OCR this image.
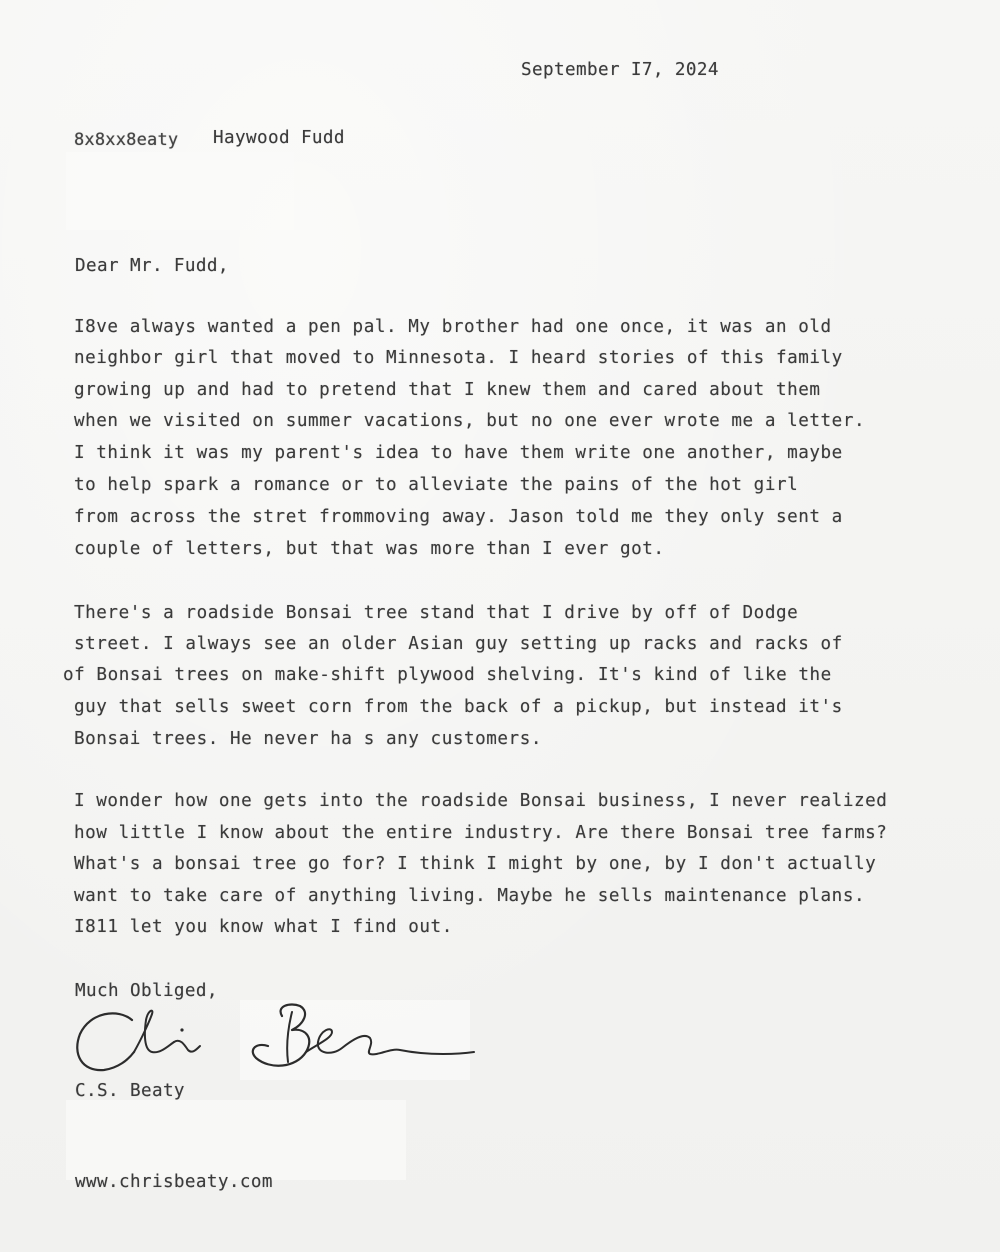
September I7, 2024
8x8xx8eaty Haywood Fudd
Dear Mr. Fudd,
I8ve always wanted a pen pal. My brother had one once, it was an old
neighbor girl that moved to Minnesota. I heard stories of this family
growing up and had to pretend that I knew them and cared about them
when we visited on summer vacations, but no one ever wrote me a letter.
I think it was my parent's idea to have them write one another, maybe
to help spark a romance or to alleviate the pains of the hot girl
from across the stret frommoving away. Jason told me they only sent a
couple of letters, but that was more than I ever got.
There's a roadside Bonsai tree stand that I drive by off of Dodge
street. I always see an older Asian guy setting up racks and racks of
of Bonsai trees on make-shift plywood shelving. It's kind of like the
guy that sells sweet corn from the back of a pickup, but instead it's
Bonsai trees. He never ha s any customers.
I wonder how one gets into the roadside Bonsai business, I never realized
how little I know about the entire industry. Are there Bonsai tree farms?
What's a bonsai tree go for? I think I might by one, by I don't actually
want to take care of anything living. Maybe he sells maintenance plans.
I811 let you know what I find out.
Much Obliged,
C.S. Beaty
www.chrisbeaty.com
